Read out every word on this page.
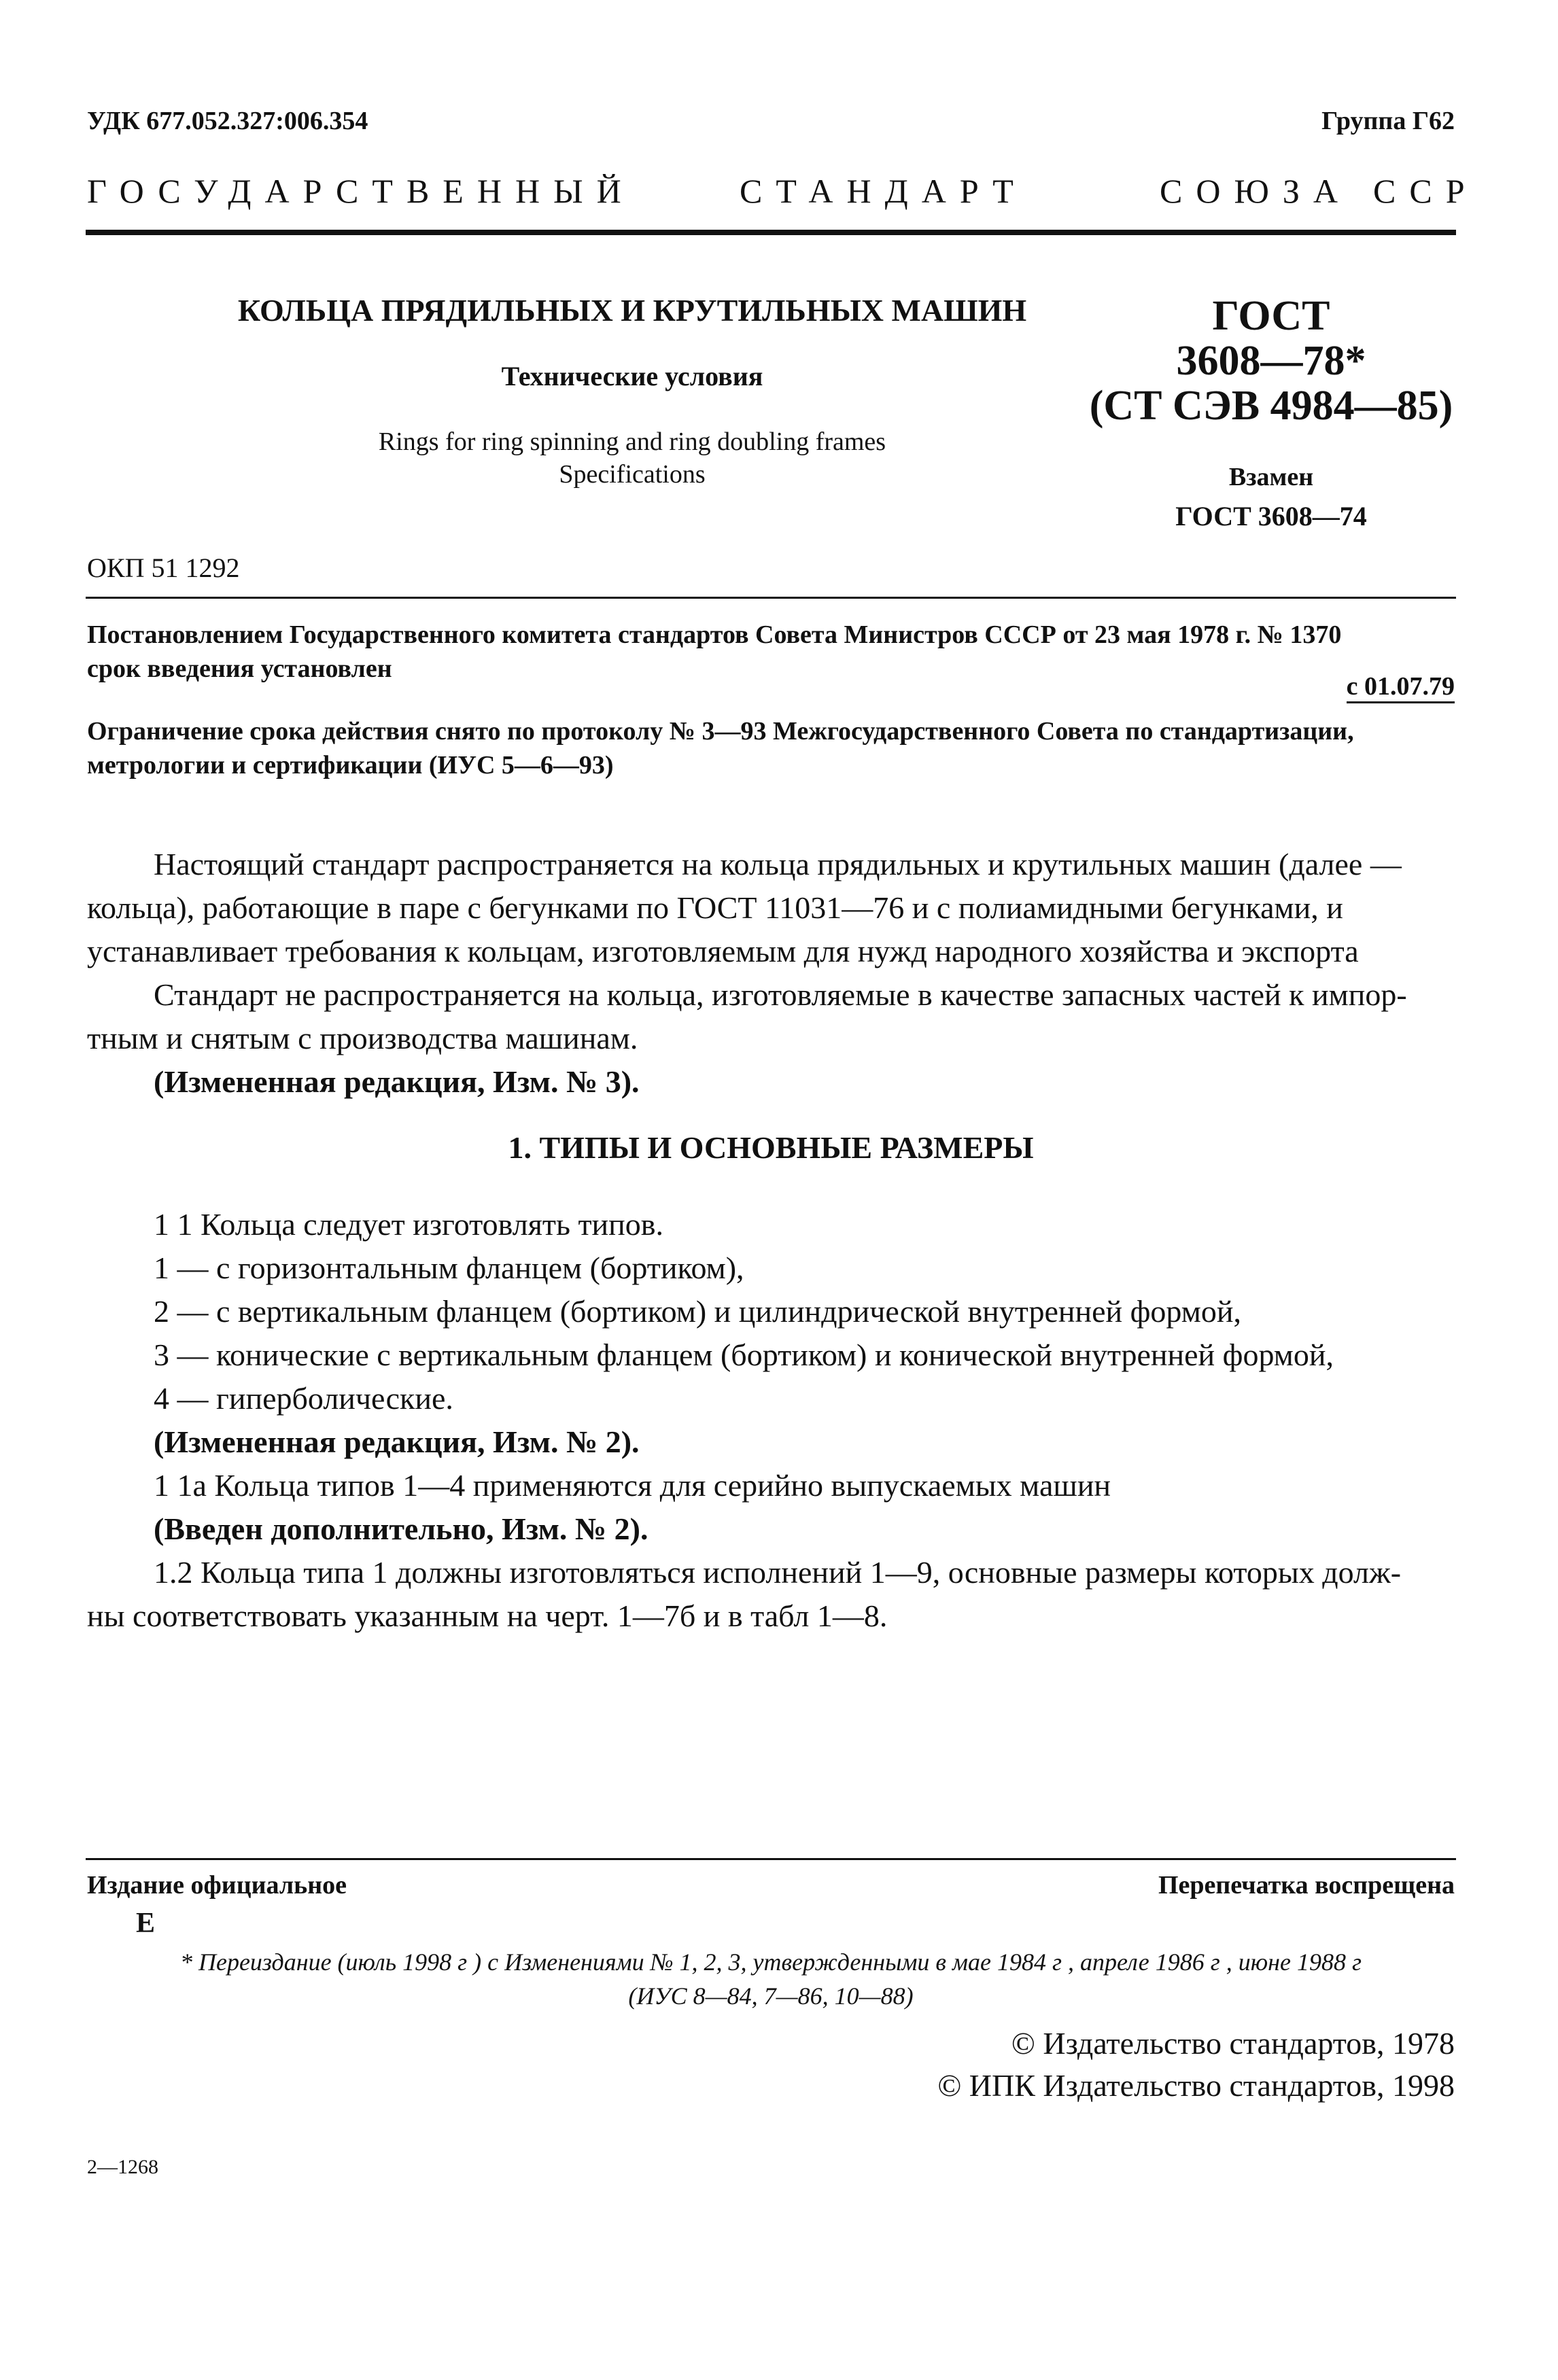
УДК 677.052.327:006.354	Группа Г62
ГОСУДАРСТВЕННЫЙ	СТАНДАРТ	СОЮЗА ССР
КОЛЬЦА ПРЯДИЛЬНЫХ И КРУТИЛЬНЫХ МАШИН
Технические условия
Rings for ring spinning and ring doubling frames
Specifications
ОКП 51 1292
ГОСТ
3608—78*
(СТ СЭВ 4984—85)
Взамен
ГОСТ 3608—74
Постановлением Государственного комитета стандартов Совета Министров СССР от 23 мая 1978 г. № 1370
срок введения установлен
с 01.07.79
Ограничение срока действия снято по протоколу № 3—93 Межгосударственного Совета по стандартизации,
метрологии и сертификации (ИУС 5—6—93)
Настоящий стандарт распространяется на кольца прядильных и крутильных машин (далее —
кольца), работающие в паре с бегунками по ГОСТ 11031—76 и с полиамидными бегунками, и
устанавливает требования к кольцам, изготовляемым для нужд народного хозяйства и экспорта
Стандарт не распространяется на кольца, изготовляемые в качестве запасных частей к импор-
тным и снятым с производства машинам.
(Измененная редакция, Изм. № 3).
1. ТИПЫ И ОСНОВНЫЕ РАЗМЕРЫ
1 1 Кольца следует изготовлять типов.
1 — с горизонтальным фланцем (бортиком),
2 — с вертикальным фланцем (бортиком) и цилиндрической внутренней формой,
3 — конические с вертикальным фланцем (бортиком) и конической внутренней формой,
4 — гиперболические.
(Измененная редакция, Изм. № 2).
1 1а Кольца типов 1—4 применяются для серийно выпускаемых машин
(Введен дополнительно, Изм. № 2).
1.2 Кольца типа 1 должны изготовляться исполнений 1—9, основные размеры которых долж-
ны соответствовать указанным на черт. 1—7б и в табл 1—8.
Издание официальное
Е
Перепечатка воспрещена
* Переиздание (июль 1998 г ) с Изменениями № 1, 2, 3, утвержденными в мае 1984 г , апреле 1986 г , июне 1988 г
(ИУС 8—84, 7—86, 10—88)
© Издательство стандартов, 1978
© ИПК Издательство стандартов, 1998
2—1268
